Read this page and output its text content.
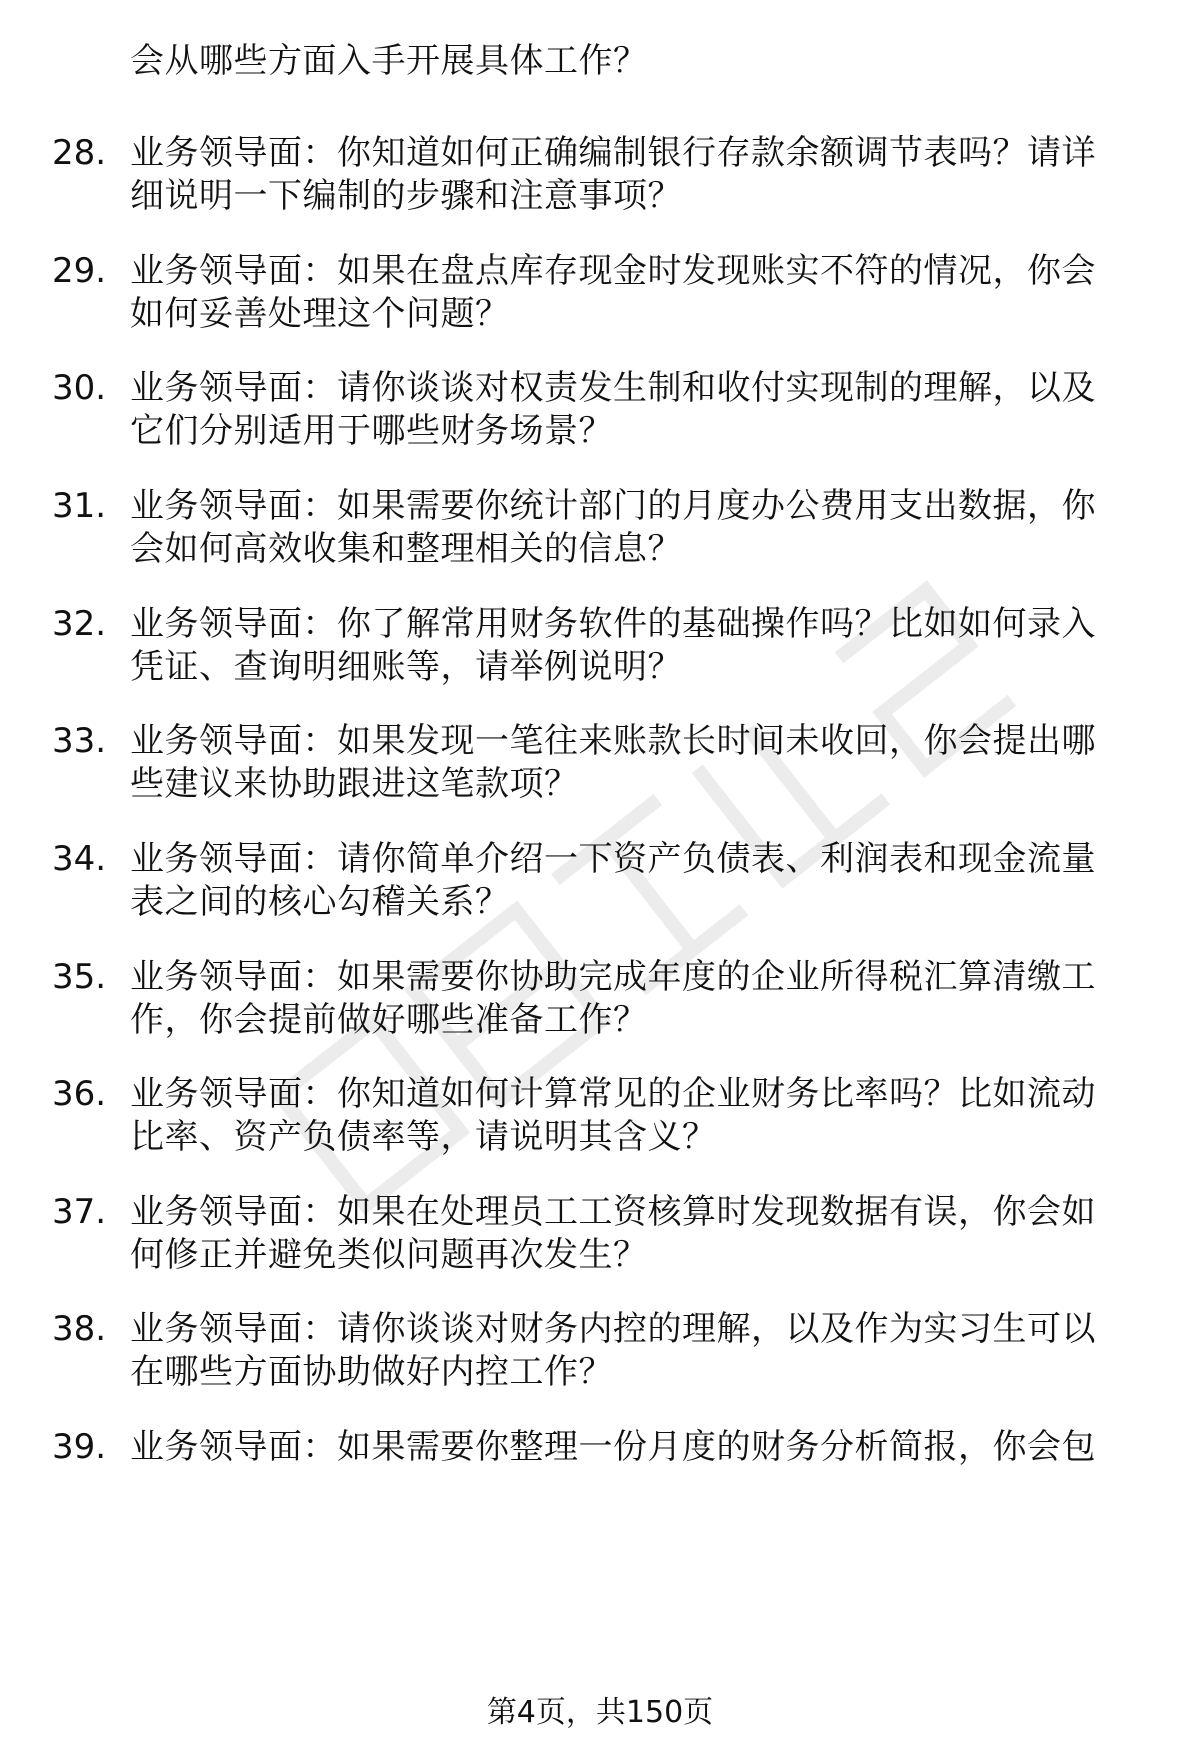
会从哪些方面入手开展具体工作？
28. 业务领导面：你知道如何正确编制银行存款余额调节表吗？请详
细说明一下编制的步骤和注意事项？
29. 业务领导面：如果在盘点库存现金时发现账实不符的情况，你会
如何妥善处理这个问题？
30. 业务领导面：请你谈谈对权责发生制和收付实现制的理解，以及
它们分别适用于哪些财务场景？
31. 业务领导面：如果需要你统计部门的月度办公费用支出数据，你
会如何高效收集和整理相关的信息？
32. 业务领导面：你了解常用财务软件的基础操作吗？比如如何录入
凭证、查询明细账等，请举例说明？
33. 业务领导面：如果发现一笔往来账款长时间未收回，你会提出哪
些建议来协助跟进这笔款项？
34. 业务领导面：请你简单介绍一下资产负债表、利润表和现金流量
表之间的核心勾稽关系？
35. 业务领导面：如果需要你协助完成年度的企业所得税汇算清缴工
作，你会提前做好哪些准备工作？
36. 业务领导面：你知道如何计算常见的企业财务比率吗？比如流动
比率、资产负债率等，请说明其含义？
37. 业务领导面：如果在处理员工工资核算时发现数据有误，你会如
何修正并避免类似问题再次发生？
38. 业务领导面：请你谈谈对财务内控的理解，以及作为实习生可以
在哪些方面协助做好内控工作？
39. 业务领导面：如果需要你整理一份月度的财务分析简报，你会包
第4页，共150页
